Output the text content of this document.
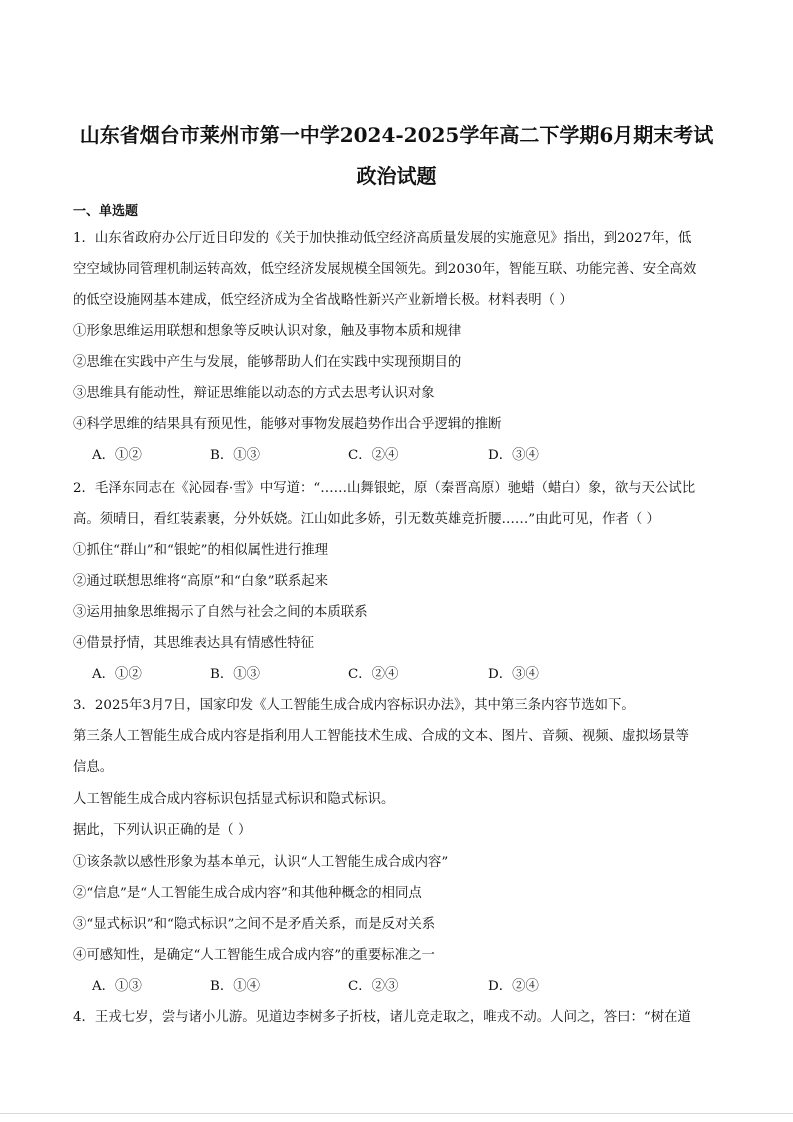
山东省烟台市莱州市第一中学2024-2025学年高二下学期6月期末考试
政治试题
一、单选题
1．山东省政府办公厅近日印发的《关于加快推动低空经济高质量发展的实施意见》指出，到2027年，低
空空域协同管理机制运转高效，低空经济发展规模全国领先。到2030年，智能互联、功能完善、安全高效
的低空设施网基本建成，低空经济成为全省战略性新兴产业新增长极。材料表明（ ）
①形象思维运用联想和想象等反映认识对象，触及事物本质和规律
②思维在实践中产生与发展，能够帮助人们在实践中实现预期目的
③思维具有能动性，辩证思维能以动态的方式去思考认识对象
④科学思维的结果具有预见性，能够对事物发展趋势作出合乎逻辑的推断
A．①②	B．①③	C．②④	D．③④
2．毛泽东同志在《沁园春·雪》中写道：“……山舞银蛇，原（秦晋高原）驰蜡（蜡白）象，欲与天公试比
高。须晴日，看红装素裹，分外妖娆。江山如此多娇，引无数英雄竞折腰……”由此可见，作者（ ）
①抓住“群山”和“银蛇”的相似属性进行推理
②通过联想思维将“高原”和“白象”联系起来
③运用抽象思维揭示了自然与社会之间的本质联系
④借景抒情，其思维表达具有情感性特征
A．①②	B．①③	C．②④	D．③④
3．2025年3月7日，国家印发《人工智能生成合成内容标识办法》，其中第三条内容节选如下。
第三条人工智能生成合成内容是指利用人工智能技术生成、合成的文本、图片、音频、视频、虚拟场景等
信息。
人工智能生成合成内容标识包括显式标识和隐式标识。
据此，下列认识正确的是（ ）
①该条款以感性形象为基本单元，认识“人工智能生成合成内容”
②“信息”是“人工智能生成合成内容”和其他种概念的相同点
③“显式标识”和“隐式标识”之间不是矛盾关系，而是反对关系
④可感知性，是确定“人工智能生成合成内容”的重要标准之一
A．①③	B．①④	C．②③	D．②④
4．王戎七岁，尝与诸小儿游。见道边李树多子折枝，诸儿竞走取之，唯戎不动。人问之，答曰：“树在道
